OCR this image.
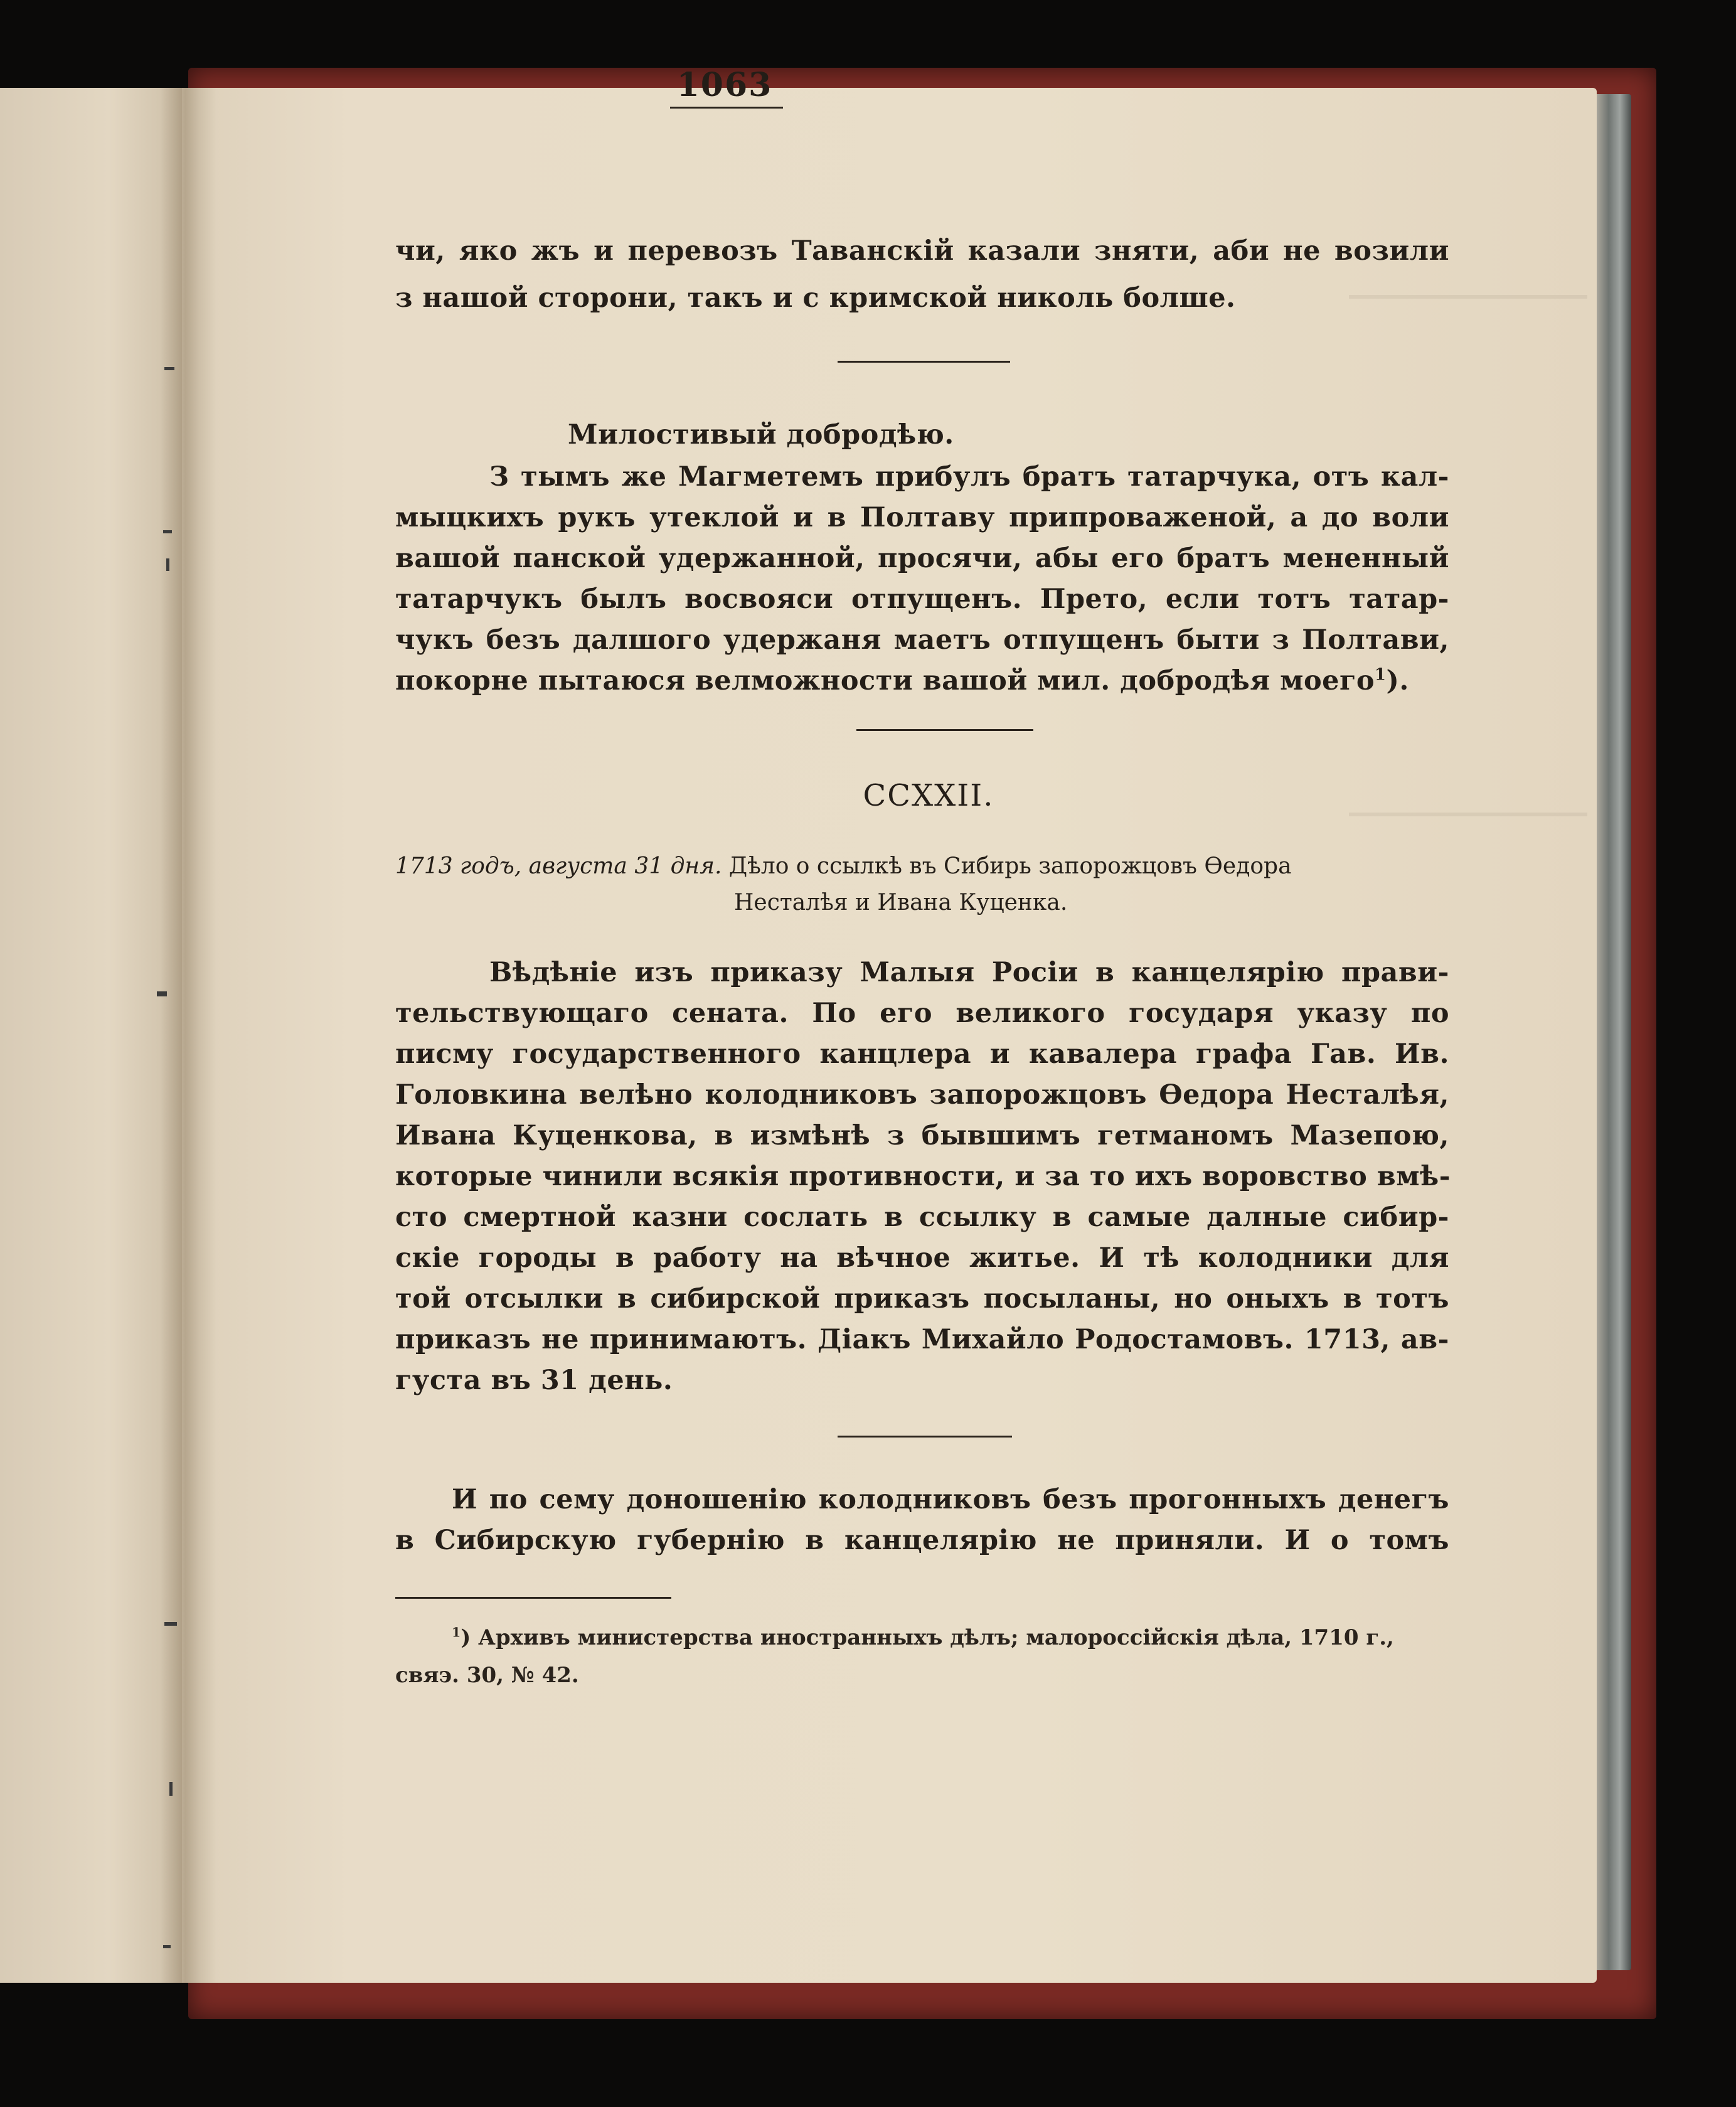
1063
чи, яко жъ и перевозъ Таванскій казали зняти, аби не возили
з нашой сторони, такъ и с кримской николь болше.
Милостивый добродѣю.
З тымъ же Магметемъ прибулъ братъ татарчука, отъ кал-
мыцкихъ рукъ утеклой и в Полтаву припроваженой, а до воли
вашой панской удержанной, просячи, абы его братъ мененный
татарчукъ былъ восвояси отпущенъ. Прето, если тотъ татар-
чукъ безъ далшого удержаня маетъ отпущенъ быти з Полтави,
покорне пытаюся велможности вашой мил. добродѣя моего$^1$).
CCXXII.
1713 годъ, августа 31 дня. Дѣло о ссылкѣ въ Сибирь запорожцовъ Өедора
Несталѣя и Ивана Куценка.
Вѣдѣніе изъ приказу Малыя Росіи в канцелярію прави-
тельствующаго сената. По его великого государя указу по
писму государственного канцлера и кавалера графа Гав. Ив.
Головкина велѣно колодниковъ запорожцовъ Өедора Несталѣя,
Ивана Куценкова, в измѣнѣ з бывшимъ гетманомъ Мазепою,
которые чинили всякія противности, и за то ихъ воровство вмѣ-
сто смертной казни сослать в ссылку в самые далные сибир-
скіе городы в работу на вѣчное житье. И тѣ колодники для
той отсылки в сибирской приказъ посыланы, но оныхъ в тотъ
приказъ не принимаютъ. Діакъ Михайло Родостамовъ. 1713, ав-
густа въ 31 день.
И по сему доношенію колодниковъ безъ прогонныхъ денегъ
в Сибирскую губернію в канцелярію не приняли. И о томъ
$^1$) Архивъ министерства иностранныхъ дѣлъ; малороссійскія дѣла, 1710 г.,
свяэ. 30, № 42.
